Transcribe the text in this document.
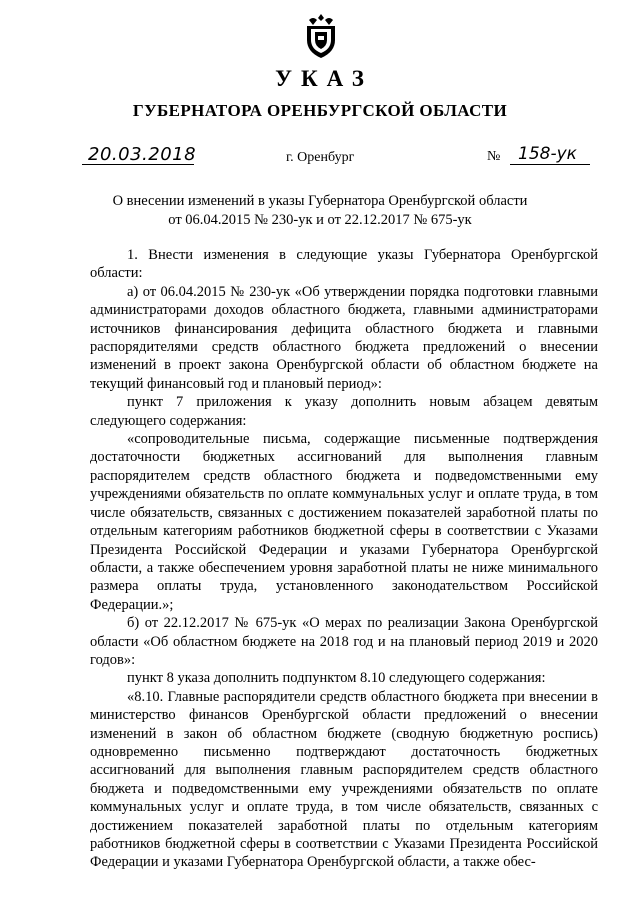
УКАЗ
ГУБЕРНАТОРА ОРЕНБУРГСКОЙ ОБЛАСТИ
20.03.2018	г. Оренбург	№ 158-ук
О внесении изменений в указы Губернатора Оренбургской области
от 06.04.2015 № 230-ук и от 22.12.2017 № 675-ук

1. Внести изменения в следующие указы Губернатора Оренбургской области:

а) от 06.04.2015 № 230-ук «Об утверждении порядка подготовки главными администраторами доходов областного бюджета, главными администраторами источников финансирования дефицита областного бюджета и главными распорядителями средств областного бюджета предложений о внесении изменений в проект закона Оренбургской области об областном бюджете на текущий финансовый год и плановый период»:

пункт 7 приложения к указу дополнить новым абзацем девятым следующего содержания:

«сопроводительные письма, содержащие письменные подтверждения достаточности бюджетных ассигнований для выполнения главным распорядителем средств областного бюджета и подведомственными ему учреждениями обязательств по оплате коммунальных услуг и оплате труда, в том числе обязательств, связанных с достижением показателей заработной платы по отдельным категориям работников бюджетной сферы в соответствии с Указами Президента Российской Федерации и указами Губернатора Оренбургской области, а также обеспечением уровня заработной платы не ниже минимального размера оплаты труда, установленного законодательством Российской Федерации.»;

б) от 22.12.2017 № 675-ук «О мерах по реализации Закона Оренбургской области «Об областном бюджете на 2018 год и на плановый период 2019 и 2020 годов»:

пункт 8 указа дополнить подпунктом 8.10 следующего содержания:

«8.10. Главные распорядители средств областного бюджета при внесении в министерство финансов Оренбургской области предложений о внесении изменений в закон об областном бюджете (сводную бюджетную роспись) одновременно письменно подтверждают достаточность бюджетных ассигнований для выполнения главным распорядителем средств областного бюджета и подведомственными ему учреждениями обязательств по оплате коммунальных услуг и оплате труда, в том числе обязательств, связанных с достижением показателей заработной платы по отдельным категориям работников бюджетной сферы в соответствии с Указами Президента Российской Федерации и указами Губернатора Оренбургской области, а также обес-
